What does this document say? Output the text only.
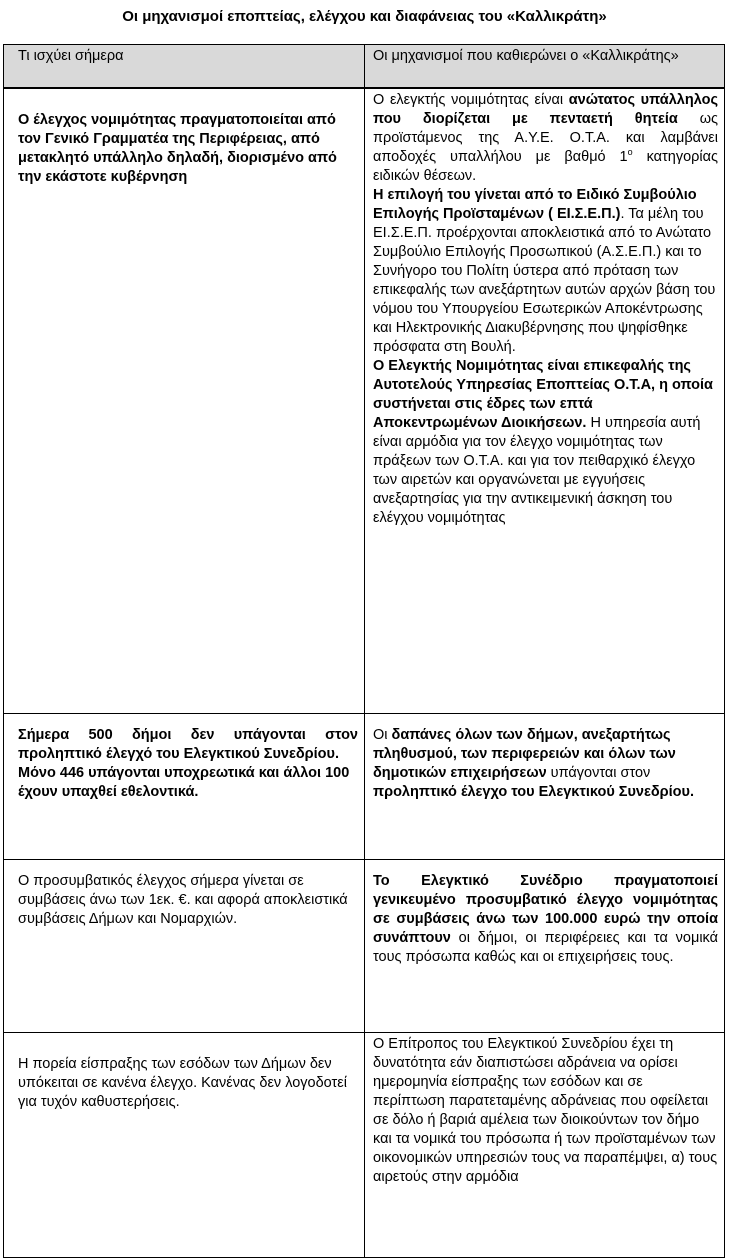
Οι μηχανισμοί εποπτείας, ελέγχου και διαφάνειας του «Καλλικράτη»
Τι ισχύει σήμερα	Οι μηχανισμοί που καθιερώνει ο «Καλλικράτης»

Ο έλεγχος νομιμότητας πραγματοποιείται από τον Γενικό Γραμματέα της Περιφέρειας, από μετακλητό υπάλληλο δηλαδή, διορισμένο από την εκάστοτε κυβέρνηση	Ο ελεγκτής νομιμότητας είναι ανώτατος υπάλληλος που διορίζεται με πενταετή θητεία ως προϊστάμενος της Α.Υ.Ε. Ο.Τ.Α. και λαμβάνει αποδοχές υπαλλήλου με βαθμό $1^o$ κατηγορίας ειδικών θέσεων.
Η επιλογή του γίνεται από το Ειδικό Συμβούλιο Επιλογής Προϊσταμένων ( ΕΙ.Σ.Ε.Π.). Τα μέλη του ΕΙ.Σ.Ε.Π. προέρχονται αποκλειστικά από το Ανώτατο Συμβούλιο Επιλογής Προσωπικού (Α.Σ.Ε.Π.) και το Συνήγορο του Πολίτη ύστερα από πρόταση των επικεφαλής των ανεξάρτητων αυτών αρχών βάση του νόμου του Υπουργείου Εσωτερικών Αποκέντρωσης και Ηλεκτρονικής Διακυβέρνησης που ψηφίσθηκε πρόσφατα στη Βουλή.
Ο Ελεγκτής Νομιμότητας είναι επικεφαλής της Αυτοτελούς Υπηρεσίας Εποπτείας Ο.Τ.Α, η οποία συστήνεται στις έδρες των επτά Αποκεντρωμένων Διοικήσεων. Η υπηρεσία αυτή είναι αρμόδια για τον έλεγχο νομιμότητας των πράξεων των Ο.Τ.Α. και για τον πειθαρχικό έλεγχο των αιρετών και οργανώνεται με εγγυήσεις ανεξαρτησίας για την αντικειμενική άσκηση του ελέγχου νομιμότητας

Σήμερα 500 δήμοι δεν υπάγονται στον προληπτικό έλεγχό του Ελεγκτικού Συνεδρίου.
Μόνο 446 υπάγονται υποχρεωτικά και άλλοι 100 έχουν υπαχθεί εθελοντικά.	Οι δαπάνες όλων των δήμων, ανεξαρτήτως πληθυσμού, των περιφερειών και όλων των δημοτικών επιχειρήσεων υπάγονται στον προληπτικό έλεγχο του Ελεγκτικού Συνεδρίου.

Ο προσυμβατικός έλεγχος σήμερα γίνεται σε συμβάσεις άνω των 1εκ. €. και αφορά αποκλειστικά συμβάσεις Δήμων και Νομαρχιών.	Το Ελεγκτικό Συνέδριο πραγματοποιεί γενικευμένο προσυμβατικό έλεγχο νομιμότητας σε συμβάσεις άνω των 100.000 ευρώ την οποία συνάπτουν οι δήμοι, οι περιφέρειες και τα νομικά τους πρόσωπα καθώς και οι επιχειρήσεις τους.

Η πορεία είσπραξης των εσόδων των Δήμων δεν υπόκειται σε κανένα έλεγχο. Κανένας δεν λογοδοτεί για τυχόν καθυστερήσεις.	Ο Επίτροπος του Ελεγκτικού Συνεδρίου έχει τη δυνατότητα εάν διαπιστώσει αδράνεια να ορίσει ημερομηνία είσπραξης των εσόδων και σε περίπτωση παρατεταμένης αδράνειας που οφείλεται σε δόλο ή βαριά αμέλεια των διοικούντων τον δήμο και τα νομικά του πρόσωπα ή των προϊσταμένων των οικονομικών υπηρεσιών τους να παραπέμψει, α) τους αιρετούς στην αρμόδια
